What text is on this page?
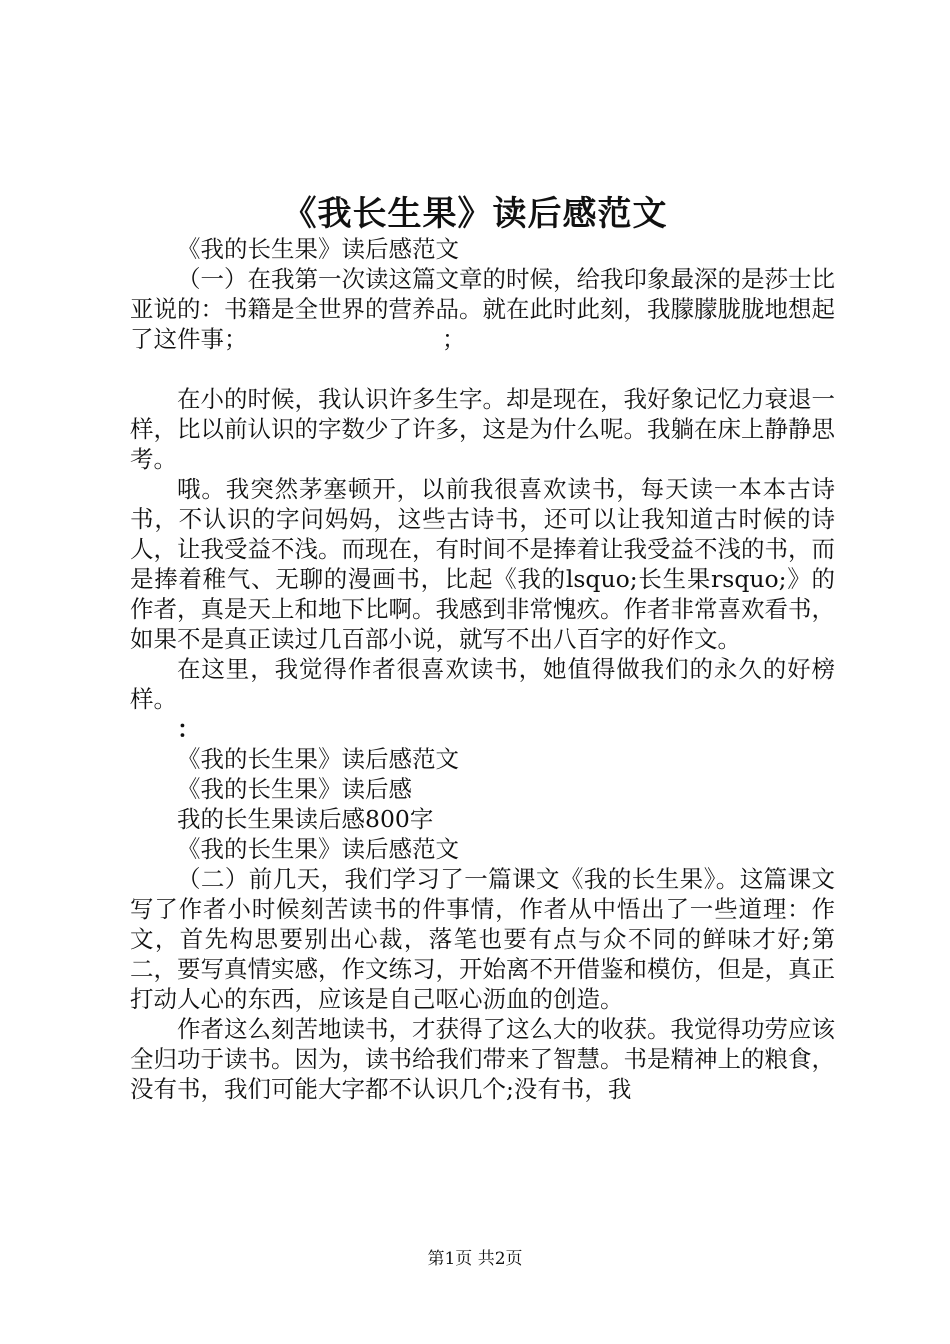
《我长生果》读后感范文

《我的长生果》读后感范文

（一）在我第一次读这篇文章的时候，给我印象最深的是莎士比亚说的：书籍是全世界的营养品。就在此时此刻，我朦朦胧胧地想起了这件事；	；

在小的时候，我认识许多生字。却是现在，我好象记忆力衰退一样，比以前认识的字数少了许多，这是为什么呢。我躺在床上静静思考。

哦。我突然茅塞顿开，以前我很喜欢读书，每天读一本本古诗书，不认识的字问妈妈，这些古诗书，还可以让我知道古时候的诗人，让我受益不浅。而现在，有时间不是捧着让我受益不浅的书，而是捧着稚气、无聊的漫画书，比起《我的lsquo;长生果rsquo;》的作者，真是天上和地下比啊。我感到非常愧疚。作者非常喜欢看书，如果不是真正读过几百部小说，就写不出八百字的好作文。

在这里，我觉得作者很喜欢读书，她值得做我们的永久的好榜样。

：

《我的长生果》读后感范文

《我的长生果》读后感

我的长生果读后感800字

《我的长生果》读后感范文

（二）前几天，我们学习了一篇课文《我的长生果》。这篇课文写了作者小时候刻苦读书的件事情，作者从中悟出了一些道理：作文，首先构思要别出心裁，落笔也要有点与众不同的鲜味才好;第二，要写真情实感，作文练习，开始离不开借鉴和模仿，但是，真正打动人心的东西，应该是自己呕心沥血的创造。

作者这么刻苦地读书，才获得了这么大的收获。我觉得功劳应该全归功于读书。因为，读书给我们带来了智慧。书是精神上的粮食，没有书，我们可能大字都不认识几个;没有书，我

第1页 共2页
